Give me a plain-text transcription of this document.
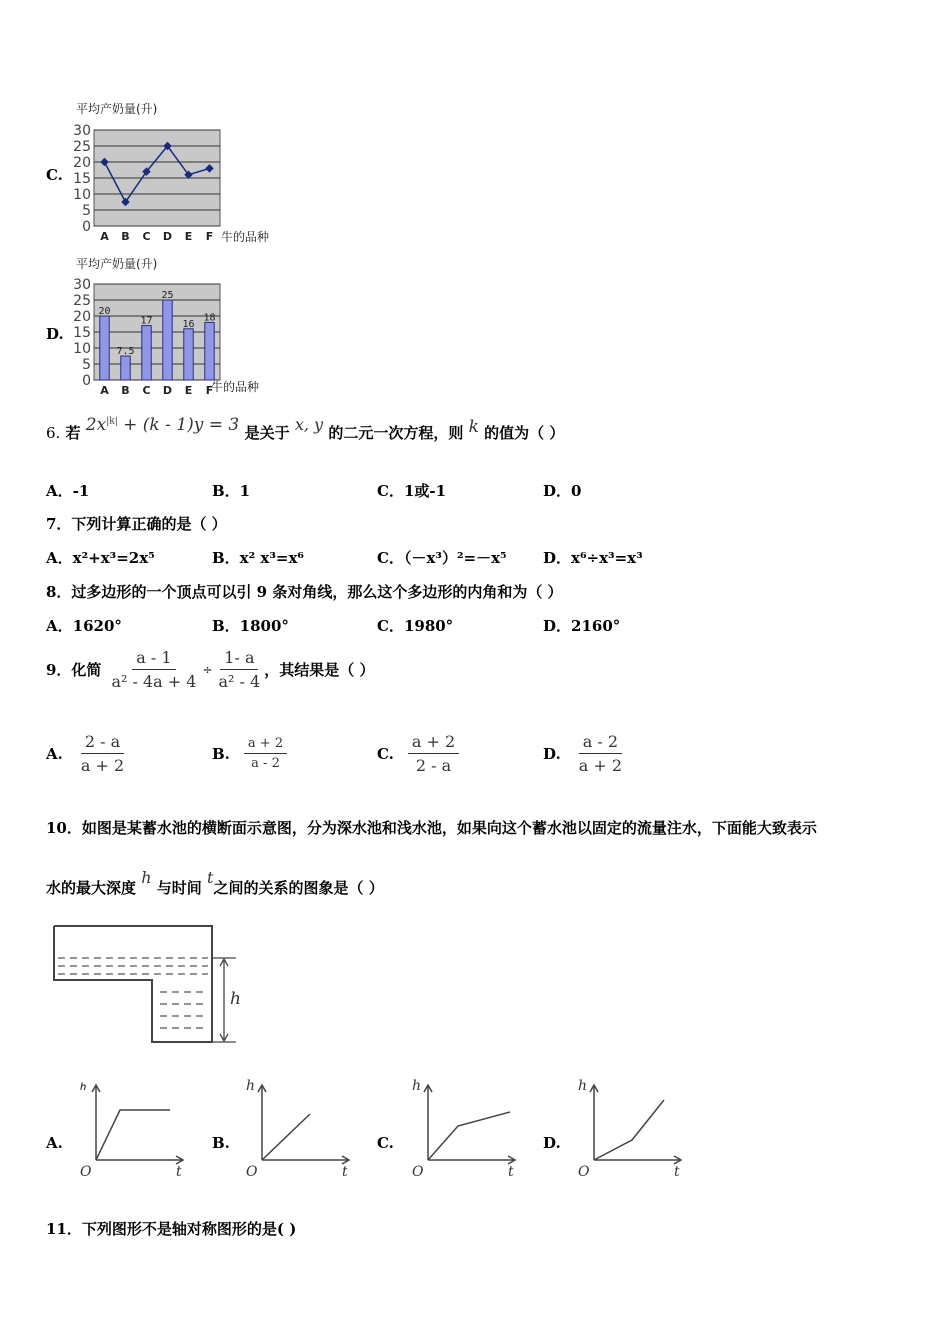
C.
平均产奶量(升)
0
5
10
15
20
25
30
A B C D E F 牛的品种
D.
平均产奶量(升)
0
5
10
15
20
25
30
A B C D E F
20
7.5
17
25
16
18
牛的品种
6. 若 $2x^{|k|} + (k - 1)y = 3$ 是关于 x, y 的二元一次方程，则 k 的值为（ ）
A．-1	B．1	C．1或-1	D．0
7．下列计算正确的是（ ）
A．x²+x³=2x⁵	B．x² x³=x⁶	C．（－x³）²=－x⁵ D．x⁶÷x³=x³
8．过多边形的一个顶点可以引 9 条对角线，那么这个多边形的内角和为（ ）
A．1620°	B．1800°	C．1980°	D．2160°
9．化简 $\frac{a - 1}{\text{a² - 4a + 4}} \div \frac{1- a}{\text{a² - 4}}$ ，其结果是（ ）
A. $\frac{2 - a}{a + 2}$	B. $\frac{a + 2}{a - 2}$	C. $\frac{a + 2}{2 - a}$	D. $\frac{a - 2}{a + 2}$
10．如图是某蓄水池的横断面示意图，分为深水池和浅水池，如果向这个蓄水池以固定的流量注水，下面能大致表示
水的最大深度 h 与时间 t之间的关系的图象是（ ）
h
A.	B.	C.	D.
h
t
O
h
t
O
h
t
O
h
t
O
11．下列图形不是轴对称图形的是( )
